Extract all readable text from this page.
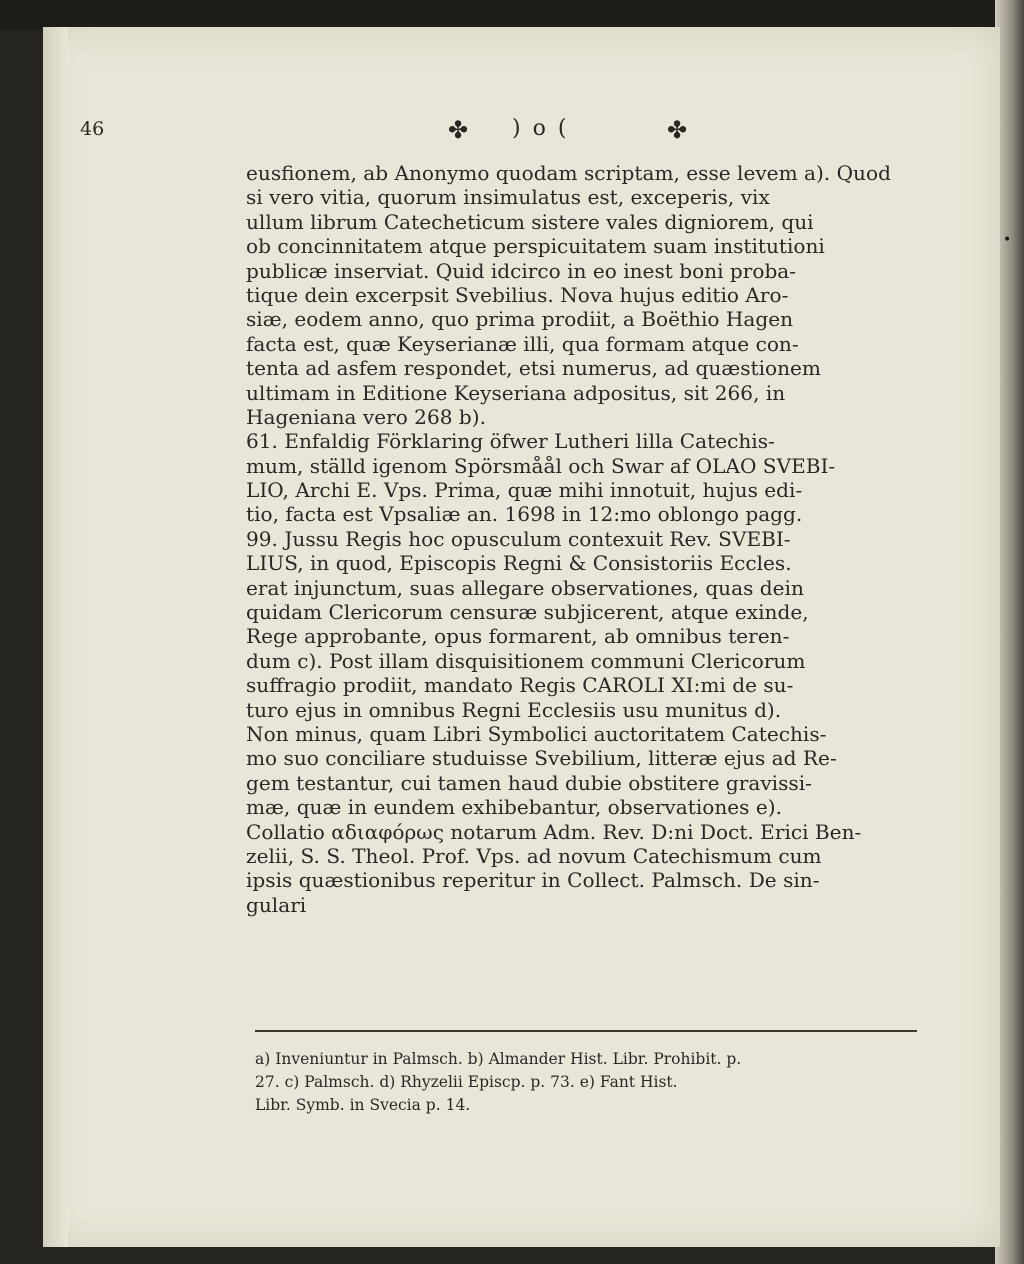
46	✤ )o(	✤
eusfionem, ab Anonymo quodam scriptam, esse levem a). Quod
si vero vitia, quorum insimulatus est, exceperis, vix
ullum librum Catecheticum sistere vales digniorem, qui
ob concinnitatem atque perspicuitatem suam institutioni
publicæ inserviat. Quid idcirco in eo inest boni proba-
tique dein excerpsit Svebilius. Nova hujus editio Aro-
siæ, eodem anno, quo prima prodiit, a Boëthio Hagen
facta est, quæ Keyserianæ illi, qua formam atque con-
tenta ad asfem respondet, etsi numerus, ad quæstionem
ultimam in Editione Keyseriana adpositus, sit 266, in
Hageniana vero 268 b).
61. Enfaldig Förklaring öfwer Lutheri lilla Catechis-
mum, ställd igenom Spörsmåål och Swar af OLAO SVEBI-
LIO, Archi E. Vps. Prima, quæ mihi innotuit, hujus edi-
tio, facta est Vpsaliæ an. 1698 in 12:mo oblongo pagg.
99. Jussu Regis hoc opusculum contexuit Rev. SVEBI-
LIUS, in quod, Episcopis Regni & Consistoriis Eccles.
erat injunctum, suas allegare observationes, quas dein
quidam Clericorum censuræ subjicerent, atque exinde,
Rege approbante, opus formarent, ab omnibus teren-
dum c). Post illam disquisitionem communi Clericorum
suffragio prodiit, mandato Regis CAROLI XI:mi de su-
turo ejus in omnibus Regni Ecclesiis usu munitus d).
Non minus, quam Libri Symbolici auctoritatem Catechis-
mo suo conciliare studuisse Svebilium, litteræ ejus ad Re-
gem testantur, cui tamen haud dubie obstitere gravissi-
mæ, quæ in eundem exhibebantur, observationes e).
Collatio αδιαφόρως notarum Adm. Rev. D:ni Doct. Erici Ben-
zelii, S. S. Theol. Prof. Vps. ad novum Catechismum cum
ipsis quæstionibus reperitur in Collect. Palmsch. De sin-
gulari
a) Inveniuntur in Palmsch. b) Almander Hist. Libr. Prohibit. p.
27. c) Palmsch. d) Rhyzelii Episcp. p. 73. e) Fant Hist.
Libr. Symb. in Svecia p. 14.
•
